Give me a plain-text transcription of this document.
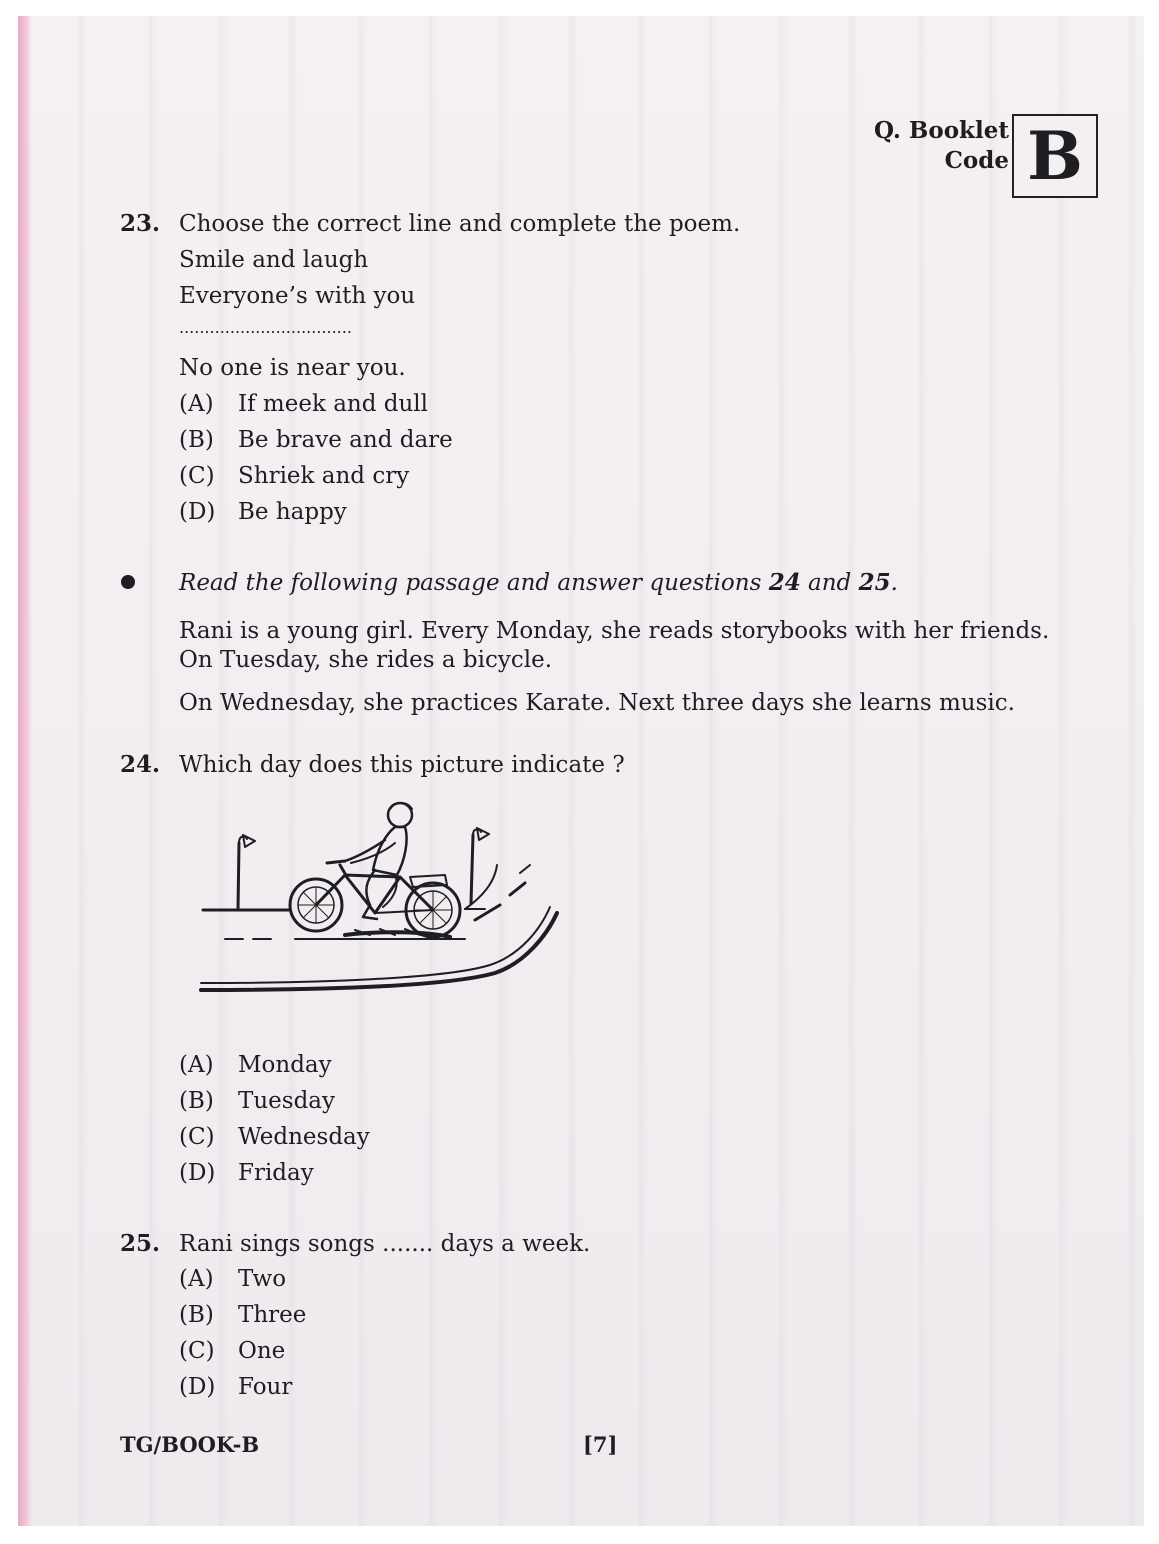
Q. Booklet
Code B
23. Choose the correct line and complete the poem.
Smile and laugh
Everyone’s with you
..................................
No one is near you.
(A) If meek and dull
(B) Be brave and dare
(C) Shriek and cry
(D) Be happy
Read the following passage and answer questions 24 and 25.
Rani is a young girl. Every Monday, she reads storybooks with her friends.
On Tuesday, she rides a bicycle.
On Wednesday, she practices Karate. Next three days she learns music.
24. Which day does this picture indicate ?
(A) Monday
(B) Tuesday
(C) Wednesday
(D) Friday
25. Rani sings songs ....... days a week.
(A) Two
(B) Three
(C) One
(D) Four
TG/BOOK-B	[7]
